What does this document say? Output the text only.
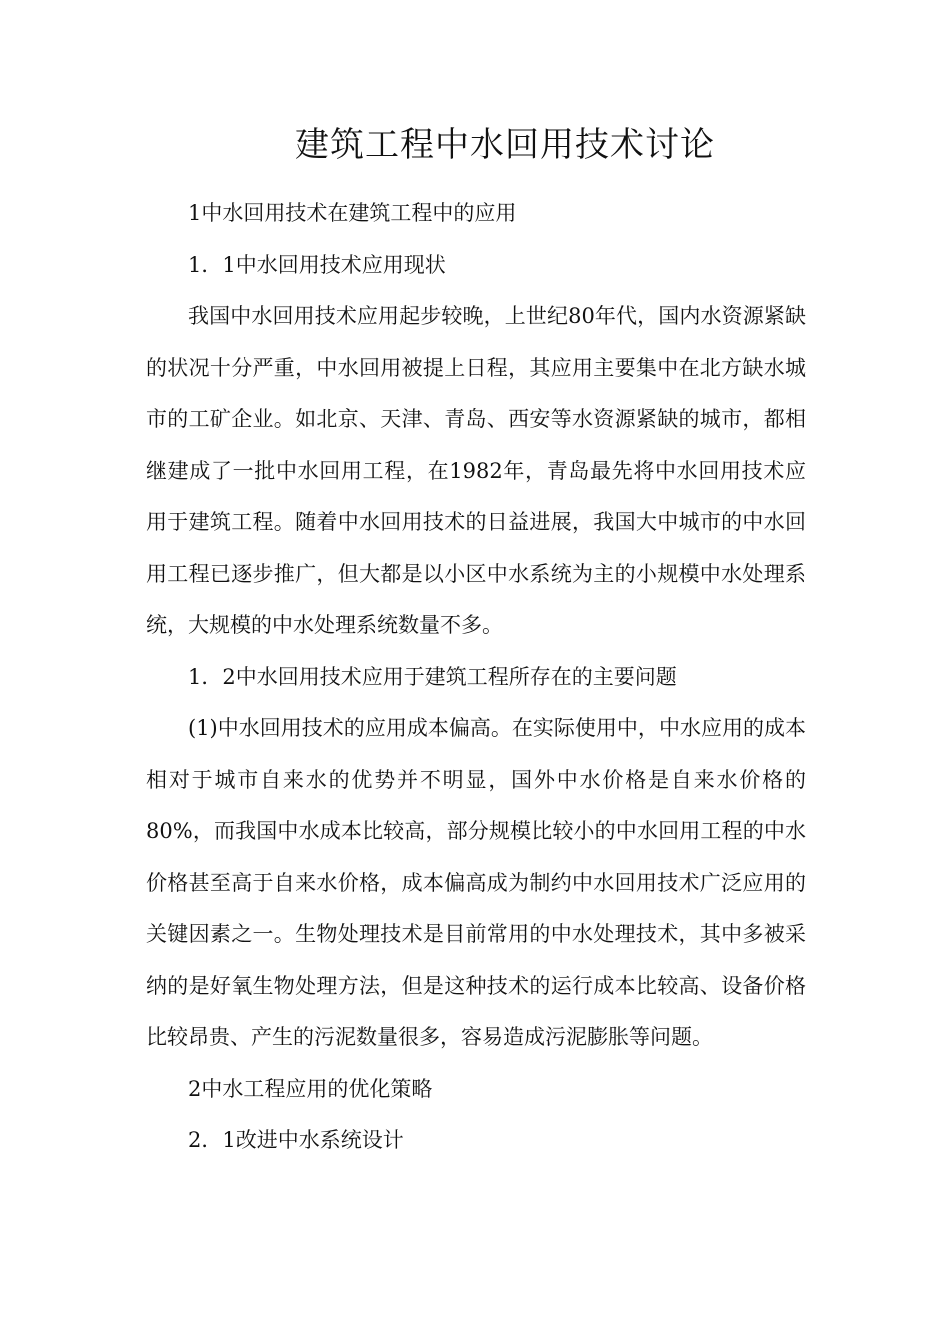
建筑工程中水回用技术讨论

1中水回用技术在建筑工程中的应用

1．1中水回用技术应用现状

我国中水回用技术应用起步较晚，上世纪80年代，国内水资源紧缺的状况十分严重，中水回用被提上日程，其应用主要集中在北方缺水城市的工矿企业。如北京、天津、青岛、西安等水资源紧缺的城市，都相继建成了一批中水回用工程，在1982年，青岛最先将中水回用技术应用于建筑工程。随着中水回用技术的日益进展，我国大中城市的中水回用工程已逐步推广，但大都是以小区中水系统为主的小规模中水处理系统，大规模的中水处理系统数量不多。

1．2中水回用技术应用于建筑工程所存在的主要问题

(1)中水回用技术的应用成本偏高。在实际使用中，中水应用的成本相对于城市自来水的优势并不明显，国外中水价格是自来水价格的80%，而我国中水成本比较高，部分规模比较小的中水回用工程的中水价格甚至高于自来水价格，成本偏高成为制约中水回用技术广泛应用的关键因素之一。生物处理技术是目前常用的中水处理技术，其中多被采纳的是好氧生物处理方法，但是这种技术的运行成本比较高、设备价格比较昂贵、产生的污泥数量很多，容易造成污泥膨胀等问题。

2中水工程应用的优化策略

2．1改进中水系统设计
